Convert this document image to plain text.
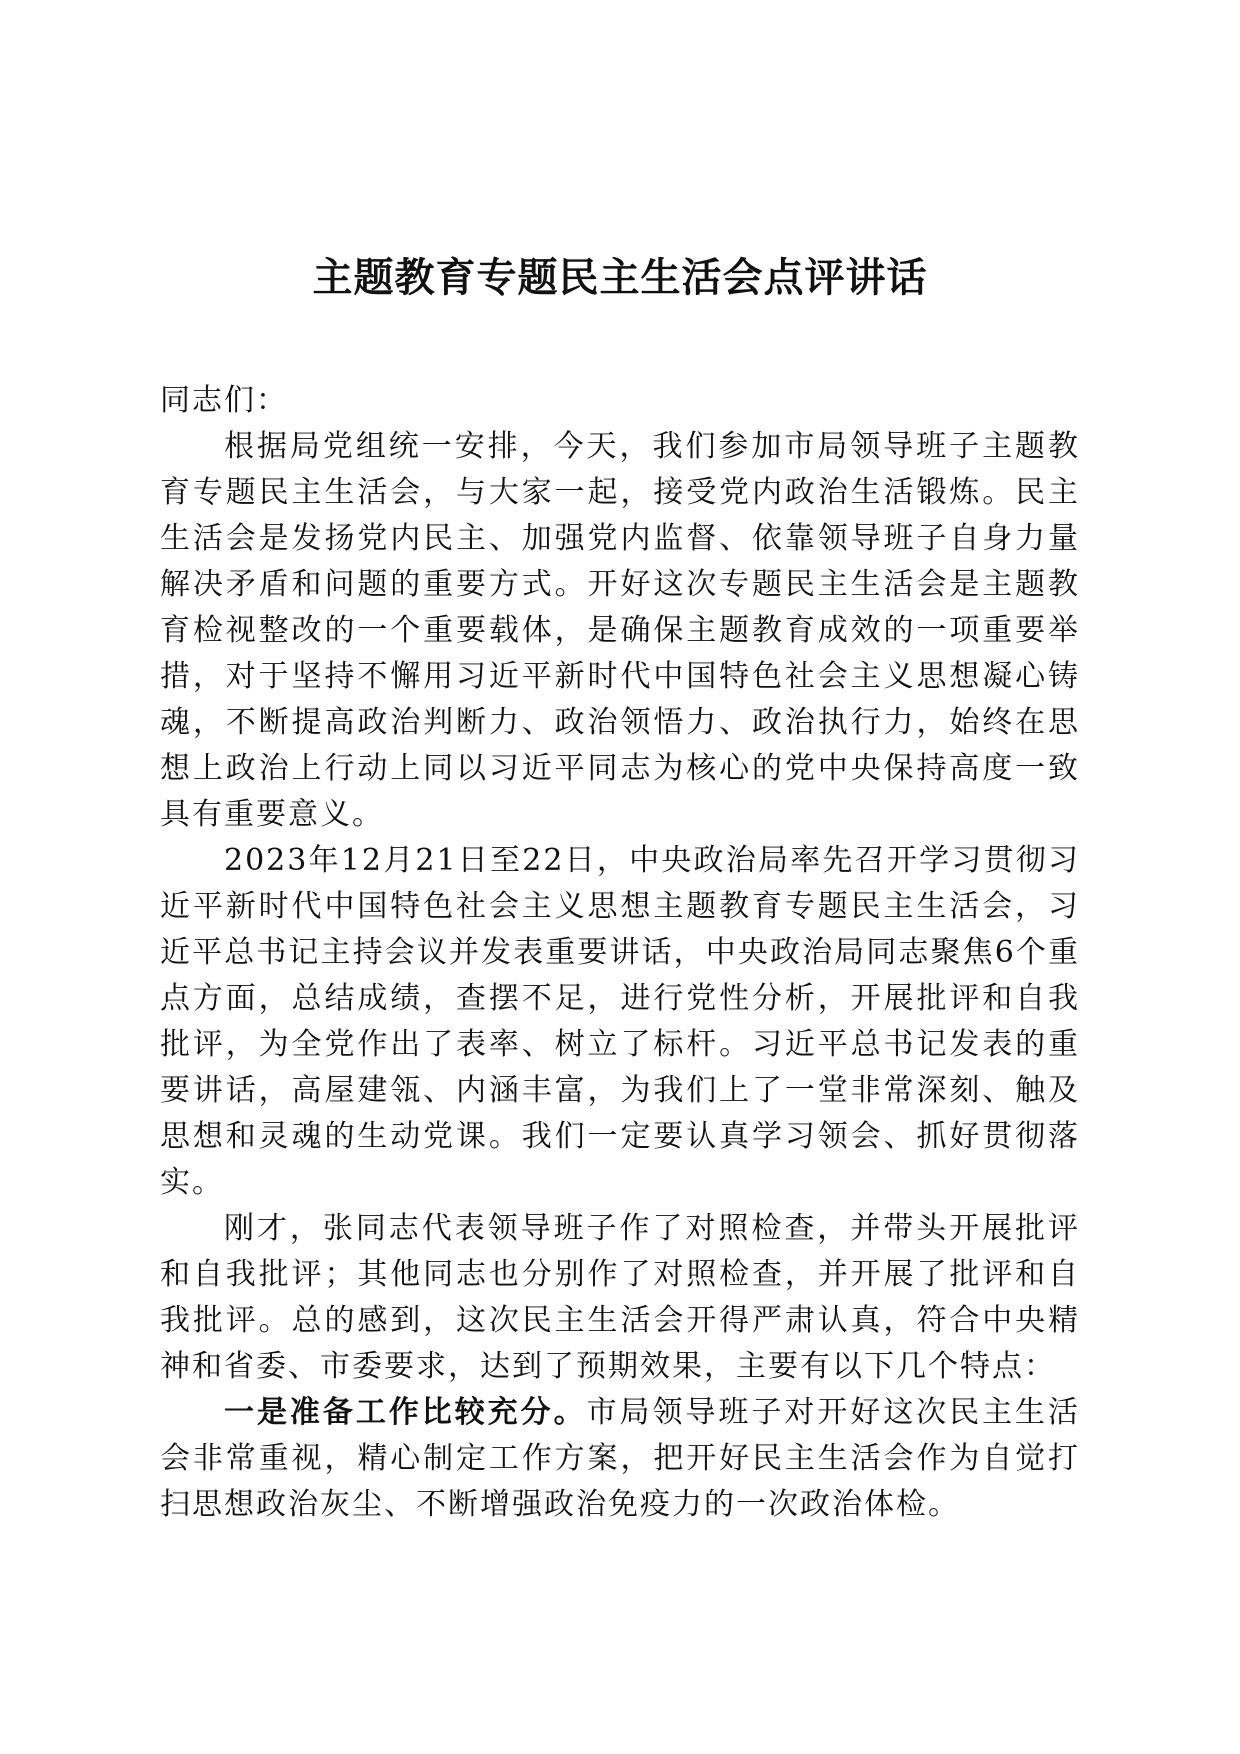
主题教育专题民主生活会点评讲话

同志们：

根据局党组统一安排，今天，我们参加市局领导班子主题教育专题民主生活会，与大家一起，接受党内政治生活锻炼。民主生活会是发扬党内民主、加强党内监督、依靠领导班子自身力量解决矛盾和问题的重要方式。开好这次专题民主生活会是主题教育检视整改的一个重要载体，是确保主题教育成效的一项重要举措，对于坚持不懈用习近平新时代中国特色社会主义思想凝心铸魂，不断提高政治判断力、政治领悟力、政治执行力，始终在思想上政治上行动上同以习近平同志为核心的党中央保持高度一致具有重要意义。

2023年12月21日至22日，中央政治局率先召开学习贯彻习近平新时代中国特色社会主义思想主题教育专题民主生活会，习近平总书记主持会议并发表重要讲话，中央政治局同志聚焦6个重点方面，总结成绩，查摆不足，进行党性分析，开展批评和自我批评，为全党作出了表率、树立了标杆。习近平总书记发表的重要讲话，高屋建瓴、内涵丰富，为我们上了一堂非常深刻、触及思想和灵魂的生动党课。我们一定要认真学习领会、抓好贯彻落实。

刚才，张同志代表领导班子作了对照检查，并带头开展批评和自我批评；其他同志也分别作了对照检查，并开展了批评和自我批评。总的感到，这次民主生活会开得严肃认真，符合中央精神和省委、市委要求，达到了预期效果，主要有以下几个特点：

一是准备工作比较充分。市局领导班子对开好这次民主生活会非常重视，精心制定工作方案，把开好民主生活会作为自觉打扫思想政治灰尘、不断增强政治免疫力的一次政治体检。
